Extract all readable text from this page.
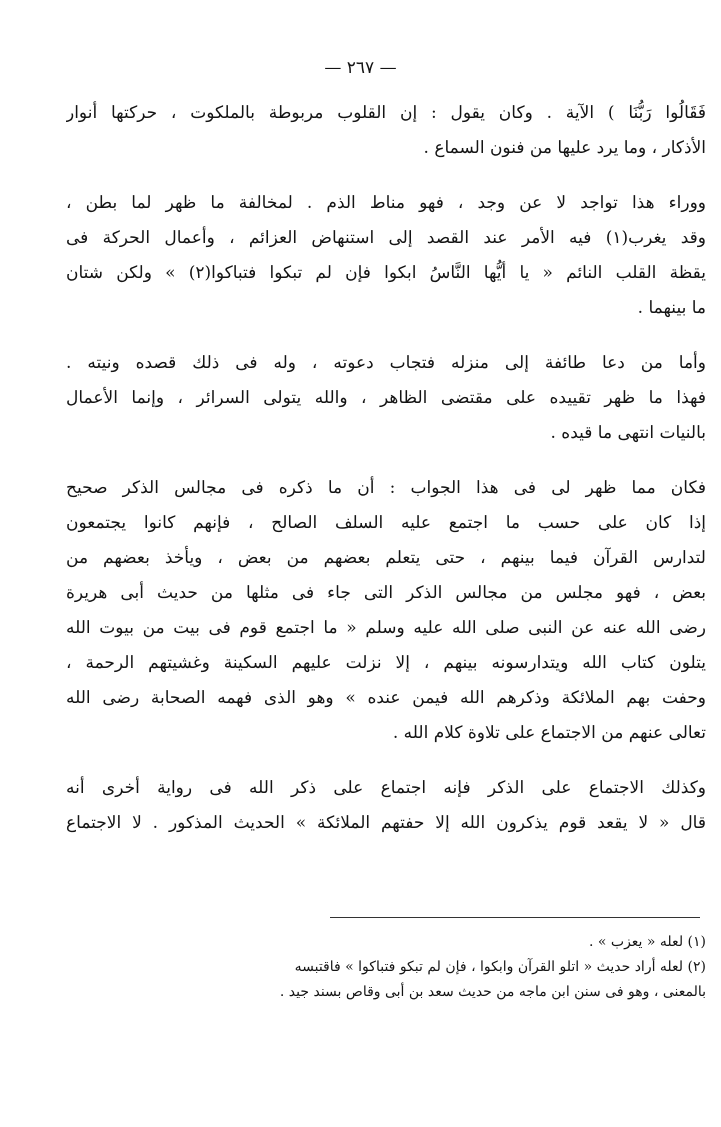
— ٢٦٧ —
فَقَالُوا رَبُّنَا ) الآية . وكان يقول : إن القلوب مربوطة بالملكوت ، حركتها أنوار
الأذكار ، وما يرد عليها من فنون السماع .
ووراء هذا تواجد لا عن وجد ، فهو مناط الذم . لمخالفة ما ظهر لما بطن ،
وقد يغرب(١) فيه الأمر عند القصد إلى استنهاض العزائم ، وأعمال الحركة فى
يقظة القلب النائم « يا أيُّها النَّاسُ ابكوا فإن لم تبكوا فتباكوا(٢) » ولكن شتان
ما بينهما .
وأما من دعا طائفة إلى منزله فتجاب دعوته ، وله فى ذلك قصده ونيته .
فهذا ما ظهر تقييده على مقتضى الظاهر ، والله يتولى السرائر ، وإنما الأعمال
بالنيات انتهى ما قيده .
فكان مما ظهر لى فى هذا الجواب : أن ما ذكره فى مجالس الذكر صحيح
إذا كان على حسب ما اجتمع عليه السلف الصالح ، فإنهم كانوا يجتمعون
لتدارس القرآن فيما بينهم ، حتى يتعلم بعضهم من بعض ، ويأخذ بعضهم من
بعض ، فهو مجلس من مجالس الذكر التى جاء فى مثلها من حديث أبى هريرة
رضى الله عنه عن النبى صلى الله عليه وسلم « ما اجتمع قوم فى بيت من بيوت الله
يتلون كتاب الله ويتدارسونه بينهم ، إلا نزلت عليهم السكينة وغشيتهم الرحمة ،
وحفت بهم الملائكة وذكرهم الله فيمن عنده » وهو الذى فهمه الصحابة رضى الله
تعالى عنهم من الاجتماع على تلاوة كلام الله .
وكذلك الاجتماع على الذكر فإنه اجتماع على ذكر الله فى رواية أخرى أنه
قال « لا يقعد قوم يذكرون الله إلا حفتهم الملائكة » الحديث المذكور . لا الاجتماع
(١) لعله « يعزب » .
(٢) لعله أراد حديث « اتلو القرآن وابكوا ، فإن لم تبكو فتباكوا » فاقتبسه
بالمعنى ، وهو فى سنن ابن ماجه من حديث سعد بن أبى وقاص بسند جيد .
